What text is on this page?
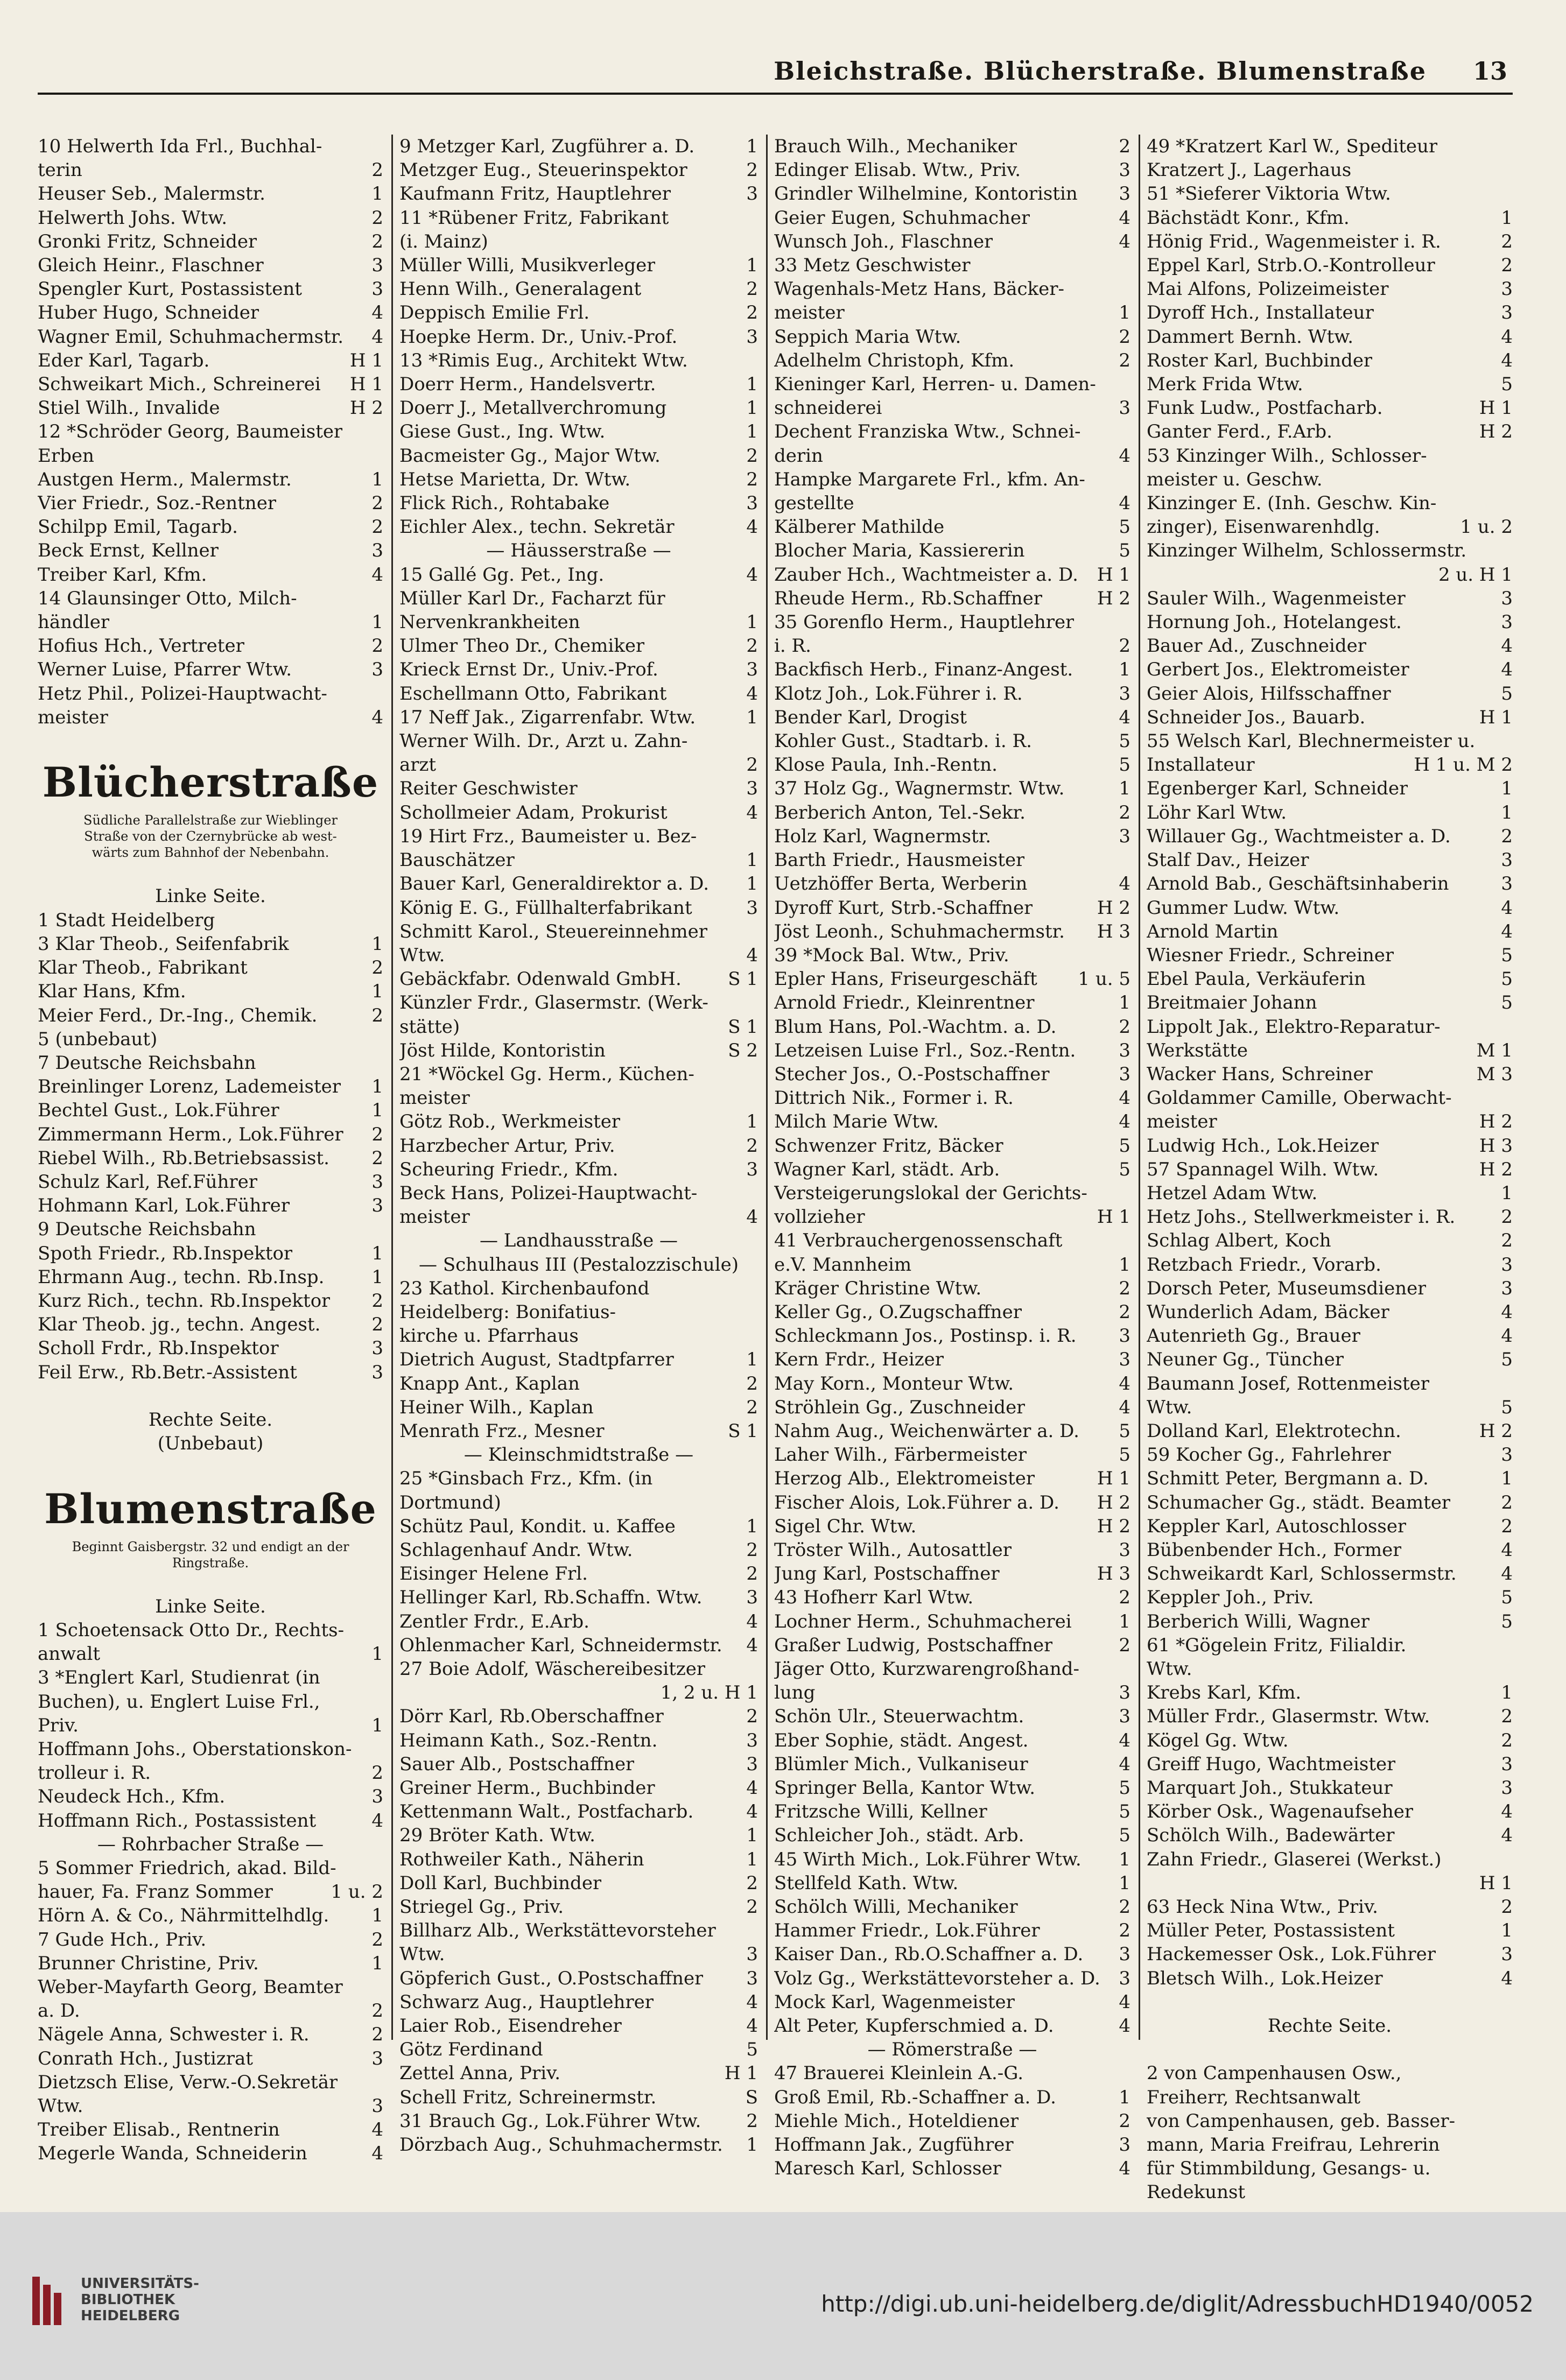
Bleichstraße. Blücherstraße. Blumenstraße 13
10 Helwerth Ida Frl., Buchhal-
terin	2
Heuser Seb., Malermstr.	1
Helwerth Johs. Wtw.	2
Gronki Fritz, Schneider	2
Gleich Heinr., Flaschner	3
Spengler Kurt, Postassistent	3
Huber Hugo, Schneider	4
Wagner Emil, Schuhmachermstr. 4
Eder Karl, Tagarb.	H 1
Schweikart Mich., Schreinerei H 1
Stiel Wilh., Invalide	H 2
12 *Schröder Georg, Baumeister
Erben
Austgen Herm., Malermstr.	1
Vier Friedr., Soz.-Rentner	2
Schilpp Emil, Tagarb.	2
Beck Ernst, Kellner	3
Treiber Karl, Kfm.	4
14 Glaunsinger Otto, Milch-
händler	1
Hofius Hch., Vertreter	2
Werner Luise, Pfarrer Wtw.	3
Hetz Phil., Polizei-Hauptwacht-
meister	4

Blücherstraße
Südliche Parallelstraße zur Wieblinger
Straße von der Czernybrücke ab west-
wärts zum Bahnhof der Nebenbahn.

Linke Seite.
1 Stadt Heidelberg
3 Klar Theob., Seifenfabrik	1
Klar Theob., Fabrikant	2
Klar Hans, Kfm.	1
Meier Ferd., Dr.-Ing., Chemik.	2
5 (unbebaut)
7 Deutsche Reichsbahn
Breinlinger Lorenz, Lademeister 1
Bechtel Gust., Lok.Führer	1
Zimmermann Herm., Lok.Führer 2
Riebel Wilh., Rb.Betriebsassist. 2
Schulz Karl, Ref.Führer	3
Hohmann Karl, Lok.Führer	3
9 Deutsche Reichsbahn
Spoth Friedr., Rb.Inspektor	1
Ehrmann Aug., techn. Rb.Insp.	1
Kurz Rich., techn. Rb.Inspektor 2
Klar Theob. jg., techn. Angest.	2
Scholl Frdr., Rb.Inspektor	3
Feil Erw., Rb.Betr.-Assistent	3

Rechte Seite.
(Unbebaut)

Blumenstraße
Beginnt Gaisbergstr. 32 und endigt an der
Ringstraße.

Linke Seite.
1 Schoetensack Otto Dr., Rechts-
anwalt	1
3 *Englert Karl, Studienrat (in
Buchen), u. Englert Luise Frl.,
Priv.	1
Hoffmann Johs., Oberstationskon-
trolleur i. R.	2
Neudeck Hch., Kfm.	3
Hoffmann Rich., Postassistent	4
— Rohrbacher Straße —
5 Sommer Friedrich, akad. Bild-
hauer, Fa. Franz Sommer	1 u. 2
Hörn A. & Co., Nährmittelhdlg. 1
7 Gude Hch., Priv.	2
Brunner Christine, Priv.	1
Weber-Mayfarth Georg, Beamter
a. D.	2
Nägele Anna, Schwester i. R.	2
Conrath Hch., Justizrat	3
Dietzsch Elise, Verw.-O.Sekretär
Wtw.	3
Treiber Elisab., Rentnerin	4
Megerle Wanda, Schneiderin	4
9 Metzger Karl, Zugführer a. D.	1
Metzger Eug., Steuerinspektor	2
Kaufmann Fritz, Hauptlehrer	3
11 *Rübener Fritz, Fabrikant
(i. Mainz)
Müller Willi, Musikverleger	1
Henn Wilh., Generalagent	2
Deppisch Emilie Frl.	2
Hoepke Herm. Dr., Univ.-Prof.	3
13 *Rimis Eug., Architekt Wtw.
Doerr Herm., Handelsvertr.	1
Doerr J., Metallverchromung	1
Giese Gust., Ing. Wtw.	1
Bacmeister Gg., Major Wtw.	2
Hetse Marietta, Dr. Wtw.	2
Flick Rich., Rohtabake	3
Eichler Alex., techn. Sekretär	4
— Häusserstraße —
15 Gallé Gg. Pet., Ing.	4
Müller Karl Dr., Facharzt für
Nervenkrankheiten	1
Ulmer Theo Dr., Chemiker	2
Krieck Ernst Dr., Univ.-Prof.	3
Eschellmann Otto, Fabrikant	4
17 Neff Jak., Zigarrenfabr. Wtw.	1
Werner Wilh. Dr., Arzt u. Zahn-
arzt	2
Reiter Geschwister	3
Schollmeier Adam, Prokurist	4
19 Hirt Frz., Baumeister u. Bez-
Bauschätzer	1
Bauer Karl, Generaldirektor a. D. 1
König E. G., Füllhalterfabrikant	3
Schmitt Karol., Steuereinnehmer
Wtw.	4
Gebäckfabr. Odenwald GmbH.	S 1
Künzler Frdr., Glasermstr. (Werk-
stätte)	S 1
Jöst Hilde, Kontoristin	S 2
21 *Wöckel Gg. Herm., Küchen-
meister
Götz Rob., Werkmeister	1
Harzbecher Artur, Priv.	2
Scheuring Friedr., Kfm.	3
Beck Hans, Polizei-Hauptwacht-
meister	4
— Landhausstraße —
— Schulhaus III (Pestalozzischule)
23 Kathol. Kirchenbaufond
Heidelberg: Bonifatius-
kirche u. Pfarrhaus
Dietrich August, Stadtpfarrer	1
Knapp Ant., Kaplan	2
Heiner Wilh., Kaplan	2
Menrath Frz., Mesner	S 1
— Kleinschmidtstraße —
25 *Ginsbach Frz., Kfm. (in
Dortmund)
Schütz Paul, Kondit. u. Kaffee	1
Schlagenhauf Andr. Wtw.	2
Eisinger Helene Frl.	2
Hellinger Karl, Rb.Schaffn. Wtw. 3
Zentler Frdr., E.Arb.	4
Ohlenmacher Karl, Schneidermstr. 4
27 Boie Adolf, Wäschereibesitzer
1, 2 u. H 1
Dörr Karl, Rb.Oberschaffner	2
Heimann Kath., Soz.-Rentn.	3
Sauer Alb., Postschaffner	3
Greiner Herm., Buchbinder	4
Kettenmann Walt., Postfacharb.	4
29 Bröter Kath. Wtw.	1
Rothweiler Kath., Näherin	1
Doll Karl, Buchbinder	2
Striegel Gg., Priv.	2
Billharz Alb., Werkstättevorsteher
Wtw.	3
Göpferich Gust., O.Postschaffner 3
Schwarz Aug., Hauptlehrer	4
Laier Rob., Eisendreher	4
Götz Ferdinand	5
Zettel Anna, Priv.	H 1
Schell Fritz, Schreinermstr.	S
31 Brauch Gg., Lok.Führer Wtw. 2
Dörzbach Aug., Schuhmachermstr. 1
Brauch Wilh., Mechaniker	2
Edinger Elisab. Wtw., Priv.	3
Grindler Wilhelmine, Kontoristin 3
Geier Eugen, Schuhmacher	4
Wunsch Joh., Flaschner	4
33 Metz Geschwister
Wagenhals-Metz Hans, Bäcker-
meister	1
Seppich Maria Wtw.	2
Adelhelm Christoph, Kfm.	2
Kieninger Karl, Herren- u. Damen-
schneiderei	3
Dechent Franziska Wtw., Schnei-
derin	4
Hampke Margarete Frl., kfm. An-
gestellte	4
Kälberer Mathilde	5
Blocher Maria, Kassiererin	5
Zauber Hch., Wachtmeister a. D. H 1
Rheude Herm., Rb.Schaffner	H 2
35 Gorenflo Herm., Hauptlehrer
i. R.	2
Backfisch Herb., Finanz-Angest.	1
Klotz Joh., Lok.Führer i. R.	3
Bender Karl, Drogist	4
Kohler Gust., Stadtarb. i. R.	5
Klose Paula, Inh.-Rentn.	5
37 Holz Gg., Wagnermstr. Wtw.	1
Berberich Anton, Tel.-Sekr.	2
Holz Karl, Wagnermstr.	3
Barth Friedr., Hausmeister
Uetzhöffer Berta, Werberin	4
Dyroff Kurt, Strb.-Schaffner	H 2
Jöst Leonh., Schuhmachermstr. H 3
39 *Mock Bal. Wtw., Priv.
Epler Hans, Friseurgeschäft 1 u. 5
Arnold Friedr., Kleinrentner	1
Blum Hans, Pol.-Wachtm. a. D.	2
Letzeisen Luise Frl., Soz.-Rentn. 3
Stecher Jos., O.-Postschaffner	3
Dittrich Nik., Former i. R.	4
Milch Marie Wtw.	4
Schwenzer Fritz, Bäcker	5
Wagner Karl, städt. Arb.	5
Versteigerungslokal der Gerichts-
vollzieher	H 1
41 Verbrauchergenossenschaft
e.V. Mannheim	1
Kräger Christine Wtw.	2
Keller Gg., O.Zugschaffner	2
Schleckmann Jos., Postinsp. i. R. 3
Kern Frdr., Heizer	3
May Korn., Monteur Wtw.	4
Ströhlein Gg., Zuschneider	4
Nahm Aug., Weichenwärter a. D. 5
Laher Wilh., Färbermeister	5
Herzog Alb., Elektromeister	H 1
Fischer Alois, Lok.Führer a. D. H 2
Sigel Chr. Wtw.	H 2
Tröster Wilh., Autosattler	3
Jung Karl, Postschaffner	H 3
43 Hofherr Karl Wtw.	2
Lochner Herm., Schuhmacherei	1
Graßer Ludwig, Postschaffner	2
Jäger Otto, Kurzwarengroßhand-
lung	3
Schön Ulr., Steuerwachtm.	3
Eber Sophie, städt. Angest.	4
Blümler Mich., Vulkaniseur	4
Springer Bella, Kantor Wtw.	5
Fritzsche Willi, Kellner	5
Schleicher Joh., städt. Arb.	5
45 Wirth Mich., Lok.Führer Wtw. 1
Stellfeld Kath. Wtw.	1
Schölch Willi, Mechaniker	2
Hammer Friedr., Lok.Führer	2
Kaiser Dan., Rb.O.Schaffner a. D. 3
Volz Gg., Werkstättevorsteher a. D. 3
Mock Karl, Wagenmeister	4
Alt Peter, Kupferschmied a. D.	4
— Römerstraße —
47 Brauerei Kleinlein A.-G.
Groß Emil, Rb.-Schaffner a. D.	1
Miehle Mich., Hoteldiener	2
Hoffmann Jak., Zugführer	3
Maresch Karl, Schlosser	4
49 *Kratzert Karl W., Spediteur
Kratzert J., Lagerhaus
51 *Sieferer Viktoria Wtw.
Bächstädt Konr., Kfm.	1
Hönig Frid., Wagenmeister i. R.	2
Eppel Karl, Strb.O.-Kontrolleur	2
Mai Alfons, Polizeimeister	3
Dyroff Hch., Installateur	3
Dammert Bernh. Wtw.	4
Roster Karl, Buchbinder	4
Merk Frida Wtw.	5
Funk Ludw., Postfacharb.	H 1
Ganter Ferd., F.Arb.	H 2
53 Kinzinger Wilh., Schlosser-
meister u. Geschw.
Kinzinger E. (Inh. Geschw. Kin-
zinger), Eisenwarenhdlg.	1 u. 2
Kinzinger Wilhelm, Schlossermstr.
2 u. H 1
Sauler Wilh., Wagenmeister	3
Hornung Joh., Hotelangest.	3
Bauer Ad., Zuschneider	4
Gerbert Jos., Elektromeister	4
Geier Alois, Hilfsschaffner	5
Schneider Jos., Bauarb.	H 1
55 Welsch Karl, Blechnermeister u.
Installateur	H 1 u. M 2
Egenberger Karl, Schneider	1
Löhr Karl Wtw.	1
Willauer Gg., Wachtmeister a. D.	2
Stalf Dav., Heizer	3
Arnold Bab., Geschäftsinhaberin	3
Gummer Ludw. Wtw.	4
Arnold Martin	4
Wiesner Friedr., Schreiner	5
Ebel Paula, Verkäuferin	5
Breitmaier Johann	5
Lippolt Jak., Elektro-Reparatur-
Werkstätte	M 1
Wacker Hans, Schreiner	M 3
Goldammer Camille, Oberwacht-
meister	H 2
Ludwig Hch., Lok.Heizer	H 3
57 Spannagel Wilh. Wtw.	H 2
Hetzel Adam Wtw.	1
Hetz Johs., Stellwerkmeister i. R.	2
Schlag Albert, Koch	2
Retzbach Friedr., Vorarb.	3
Dorsch Peter, Museumsdiener	3
Wunderlich Adam, Bäcker	4
Autenrieth Gg., Brauer	4
Neuner Gg., Tüncher	5
Baumann Josef, Rottenmeister
Wtw.	5
Dolland Karl, Elektrotechn.	H 2
59 Kocher Gg., Fahrlehrer	3
Schmitt Peter, Bergmann a. D.	1
Schumacher Gg., städt. Beamter	2
Keppler Karl, Autoschlosser	2
Bübenbender Hch., Former	4
Schweikardt Karl, Schlossermstr. 4
Keppler Joh., Priv.	5
Berberich Willi, Wagner	5
61 *Gögelein Fritz, Filialdir.
Wtw.
Krebs Karl, Kfm.	1
Müller Frdr., Glasermstr. Wtw.	2
Kögel Gg. Wtw.	2
Greiff Hugo, Wachtmeister	3
Marquart Joh., Stukkateur	3
Körber Osk., Wagenaufseher	4
Schölch Wilh., Badewärter	4
Zahn Friedr., Glaserei (Werkst.)
H 1
63 Heck Nina Wtw., Priv.	2
Müller Peter, Postassistent	1
Hackemesser Osk., Lok.Führer	3
Bletsch Wilh., Lok.Heizer	4

Rechte Seite.

2 von Campenhausen Osw.,
Freiherr, Rechtsanwalt
von Campenhausen, geb. Basser-
mann, Maria Freifrau, Lehrerin
für Stimmbildung, Gesangs- u.
Redekunst
UNIVERSITÄTS-
BIBLIOTHEK
HEIDELBERG	http://digi.ub.uni-heidelberg.de/diglit/AdressbuchHD1940/0052
